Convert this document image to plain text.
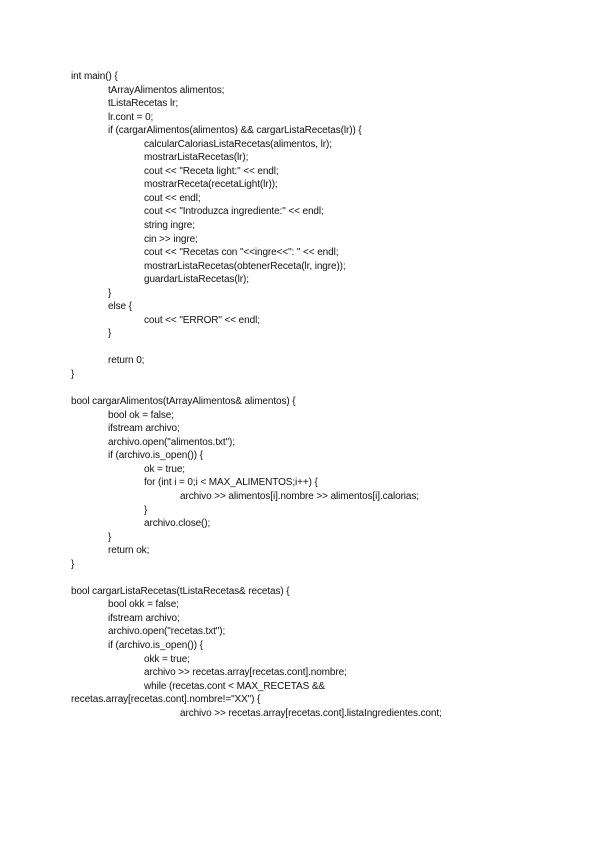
int main() {
tArrayAlimentos alimentos;
tListaRecetas lr;
lr.cont = 0;
if (cargarAlimentos(alimentos) && cargarListaRecetas(lr)) {
calcularCaloriasListaRecetas(alimentos, lr);
mostrarListaRecetas(lr);
cout << "Receta light:" << endl;
mostrarReceta(recetaLight(lr));
cout << endl;
cout << "Introduzca ingrediente:" << endl;
string ingre;
cin >> ingre;
cout << "Recetas con "<<ingre<<": " << endl;
mostrarListaRecetas(obtenerReceta(lr, ingre));
guardarListaRecetas(lr);
}
else {
cout << "ERROR" << endl;
}
return 0;
}
bool cargarAlimentos(tArrayAlimentos& alimentos) {
bool ok = false;
ifstream archivo;
archivo.open("alimentos.txt");
if (archivo.is_open()) {
ok = true;
for (int i = 0;i < MAX_ALIMENTOS;i++) {
archivo >> alimentos[i].nombre >> alimentos[i].calorias;
}
archivo.close();
}
return ok;
}
bool cargarListaRecetas(tListaRecetas& recetas) {
bool okk = false;
ifstream archivo;
archivo.open("recetas.txt");
if (archivo.is_open()) {
okk = true;
archivo >> recetas.array[recetas.cont].nombre;
while (recetas.cont < MAX_RECETAS &&
recetas.array[recetas.cont].nombre!="XX") {
archivo >> recetas.array[recetas.cont].listaIngredientes.cont;
